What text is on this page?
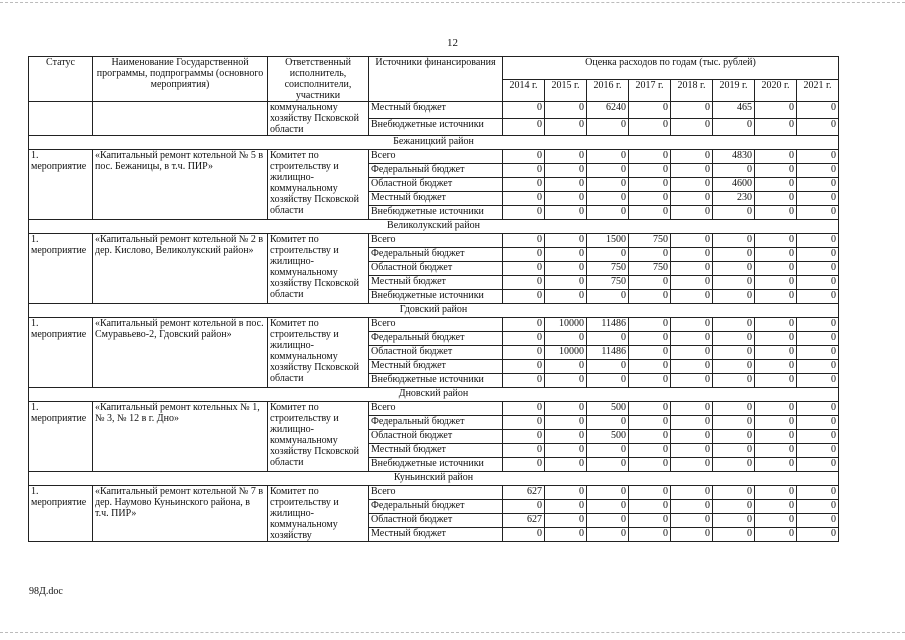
12
Статус	Наименование Государственной программы, подпрограммы (основного мероприятия)	Ответственный исполнитель, соисполнители, участники	Источники финансирования	Оценка расходов по годам (тыс. рублей)							
				2014 г.	2015 г.	2016 г.	2017 г.	2018 г.	2019 г.	2020 г.	2021 г.
		коммунальному хозяйству Псковской области	Местный бюджет	0	0	6240	0	0	465	0	0
			Внебюджетные источники	0	0	0	0	0	0	0	0
Бежаницкий район											
1. мероприятие	«Капитальный ремонт котельной № 5 в пос. Бежаницы, в т.ч. ПИР»	Комитет по строительству и жилищно-коммунальному хозяйству Псковской области	Всего	0	0	0	0	0	4830	0	0
			Федеральный бюджет	0	0	0	0	0	0	0	0
			Областной бюджет	0	0	0	0	0	4600	0	0
			Местный бюджет	0	0	0	0	0	230	0	0
			Внебюджетные источники	0	0	0	0	0	0	0	0
Великолукский район											
1. мероприятие	«Капитальный ремонт котельной № 2 в дер. Кислово, Великолукский район»	Комитет по строительству и жилищно-коммунальному хозяйству Псковской области	Всего	0	0	1500	750	0	0	0	0
			Федеральный бюджет	0	0	0	0	0	0	0	0
			Областной бюджет	0	0	750	750	0	0	0	0
			Местный бюджет	0	0	750	0	0	0	0	0
			Внебюджетные источники	0	0	0	0	0	0	0	0
Гдовский район											
1. мероприятие	«Капитальный ремонт котельной в пос. Смуравьево-2, Гдовский район»	Комитет по строительству и жилищно-коммунальному хозяйству Псковской области	Всего	0	10000	11486	0	0	0	0	0
			Федеральный бюджет	0	0	0	0	0	0	0	0
			Областной бюджет	0	10000	11486	0	0	0	0	0
			Местный бюджет	0	0	0	0	0	0	0	0
			Внебюджетные источники	0	0	0	0	0	0	0	0
Дновский район											
1. мероприятие	«Капитальный ремонт котельных № 1, № 3, № 12 в г. Дно»	Комитет по строительству и жилищно-коммунальному хозяйству Псковской области	Всего	0	0	500	0	0	0	0	0
			Федеральный бюджет	0	0	0	0	0	0	0	0
			Областной бюджет	0	0	500	0	0	0	0	0
			Местный бюджет	0	0	0	0	0	0	0	0
			Внебюджетные источники	0	0	0	0	0	0	0	0
Куньинский район											
1. мероприятие	«Капитальный ремонт котельной № 7 в дер. Наумово Куньинского района, в т.ч. ПИР»	Комитет по строительству и жилищно-коммунальному хозяйству	Всего	627	0	0	0	0	0	0	0
			Федеральный бюджет	0	0	0	0	0	0	0	0
			Областной бюджет	627	0	0	0	0	0	0	0
			Местный бюджет	0	0	0	0	0	0	0	0
98Д.doc
